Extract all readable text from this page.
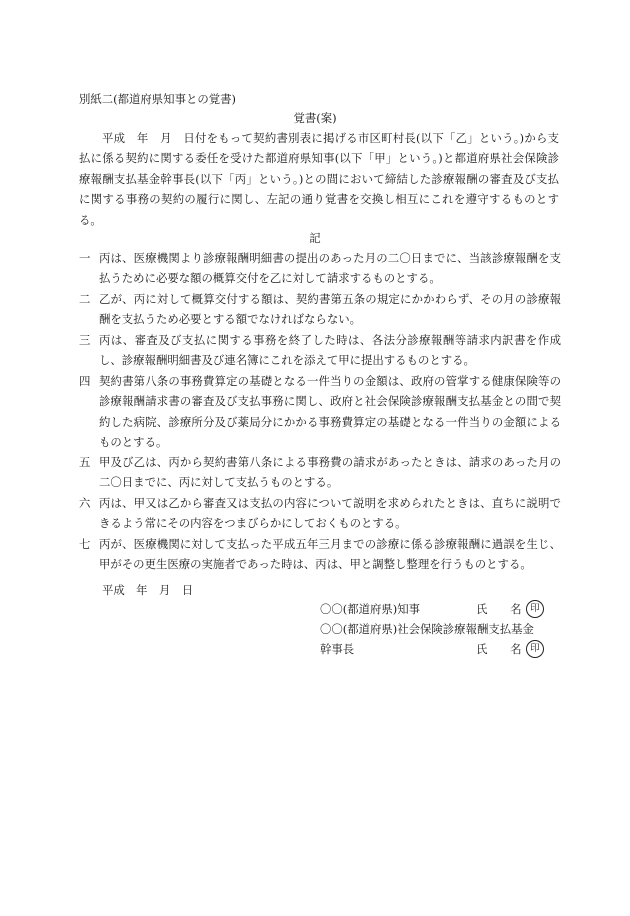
別紙二(都道府県知事との覚書)
覚書(案)
平成　年　月　日付をもって契約書別表に掲げる市区町村長(以下「乙」という。)から支払に係る契約に関する委任を受けた都道府県知事(以下「甲」という。)と都道府県社会保険診療報酬支払基金幹事長(以下「丙」という。)との間において締結した診療報酬の審査及び支払に関する事務の契約の履行に関し、左記の通り覚書を交換し相互にこれを遵守するものとする。
記
一 丙は、医療機関より診療報酬明細書の提出のあった月の二〇日までに、当該診療報酬を支払うために必要な額の概算交付を乙に対して請求するものとする。
二 乙が、丙に対して概算交付する額は、契約書第五条の規定にかかわらず、その月の診療報酬を支払うため必要とする額でなければならない。
三 丙は、審査及び支払に関する事務を終了した時は、各法分診療報酬等請求内訳書を作成し、診療報酬明細書及び連名簿にこれを添えて甲に提出するものとする。
四 契約書第八条の事務費算定の基礎となる一件当りの金額は、政府の管掌する健康保険等の診療報酬請求書の審査及び支払事務に関し、政府と社会保険診療報酬支払基金との間で契約した病院、診療所分及び薬局分にかかる事務費算定の基礎となる一件当りの金額によるものとする。
五 甲及び乙は、丙から契約書第八条による事務費の請求があったときは、請求のあった月の二〇日までに、丙に対して支払うものとする。
六 丙は、甲又は乙から審査又は支払の内容について説明を求められたときは、直ちに説明できるよう常にその内容をつまびらかにしておくものとする。
七 丙が、医療機関に対して支払った平成五年三月までの診療に係る診療報酬に過誤を生じ、甲がその更生医療の実施者であった時は、丙は、甲と調整し整理を行うものとする。
平成　年　月　日
〇〇(都道府県)知事	氏　　名 印
〇〇(都道府県)社会保険診療報酬支払基金
幹事長	氏　　名 印
